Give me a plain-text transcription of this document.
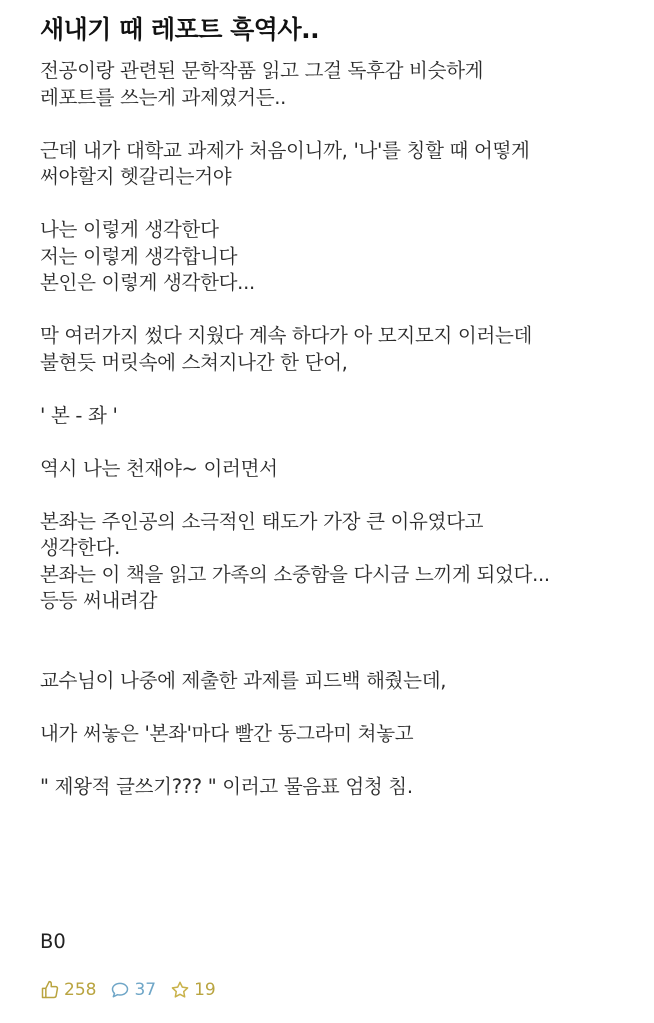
새내기 때 레포트 흑역사..
전공이랑 관련된 문학작품 읽고 그걸 독후감 비슷하게
레포트를 쓰는게 과제였거든..
근데 내가 대학교 과제가 처음이니까, '나'를 칭할 때 어떻게
써야할지 헷갈리는거야
나는 이렇게 생각한다
저는 이렇게 생각합니다
본인은 이렇게 생각한다...
막 여러가지 썼다 지웠다 계속 하다가 아 모지모지 이러는데
불현듯 머릿속에 스쳐지나간 한 단어,
' 본 - 좌 '
역시 나는 천재야~ 이러면서
본좌는 주인공의 소극적인 태도가 가장 큰 이유였다고
생각한다.
본좌는 이 책을 읽고 가족의 소중함을 다시금 느끼게 되었다...
등등 써내려감
교수님이 나중에 제출한 과제를 피드백 해줬는데,
내가 써놓은 '본좌'마다 빨간 동그라미 쳐놓고
" 제왕적 글쓰기??? " 이러고 물음표 엄청 침.
B0
258 37 19
